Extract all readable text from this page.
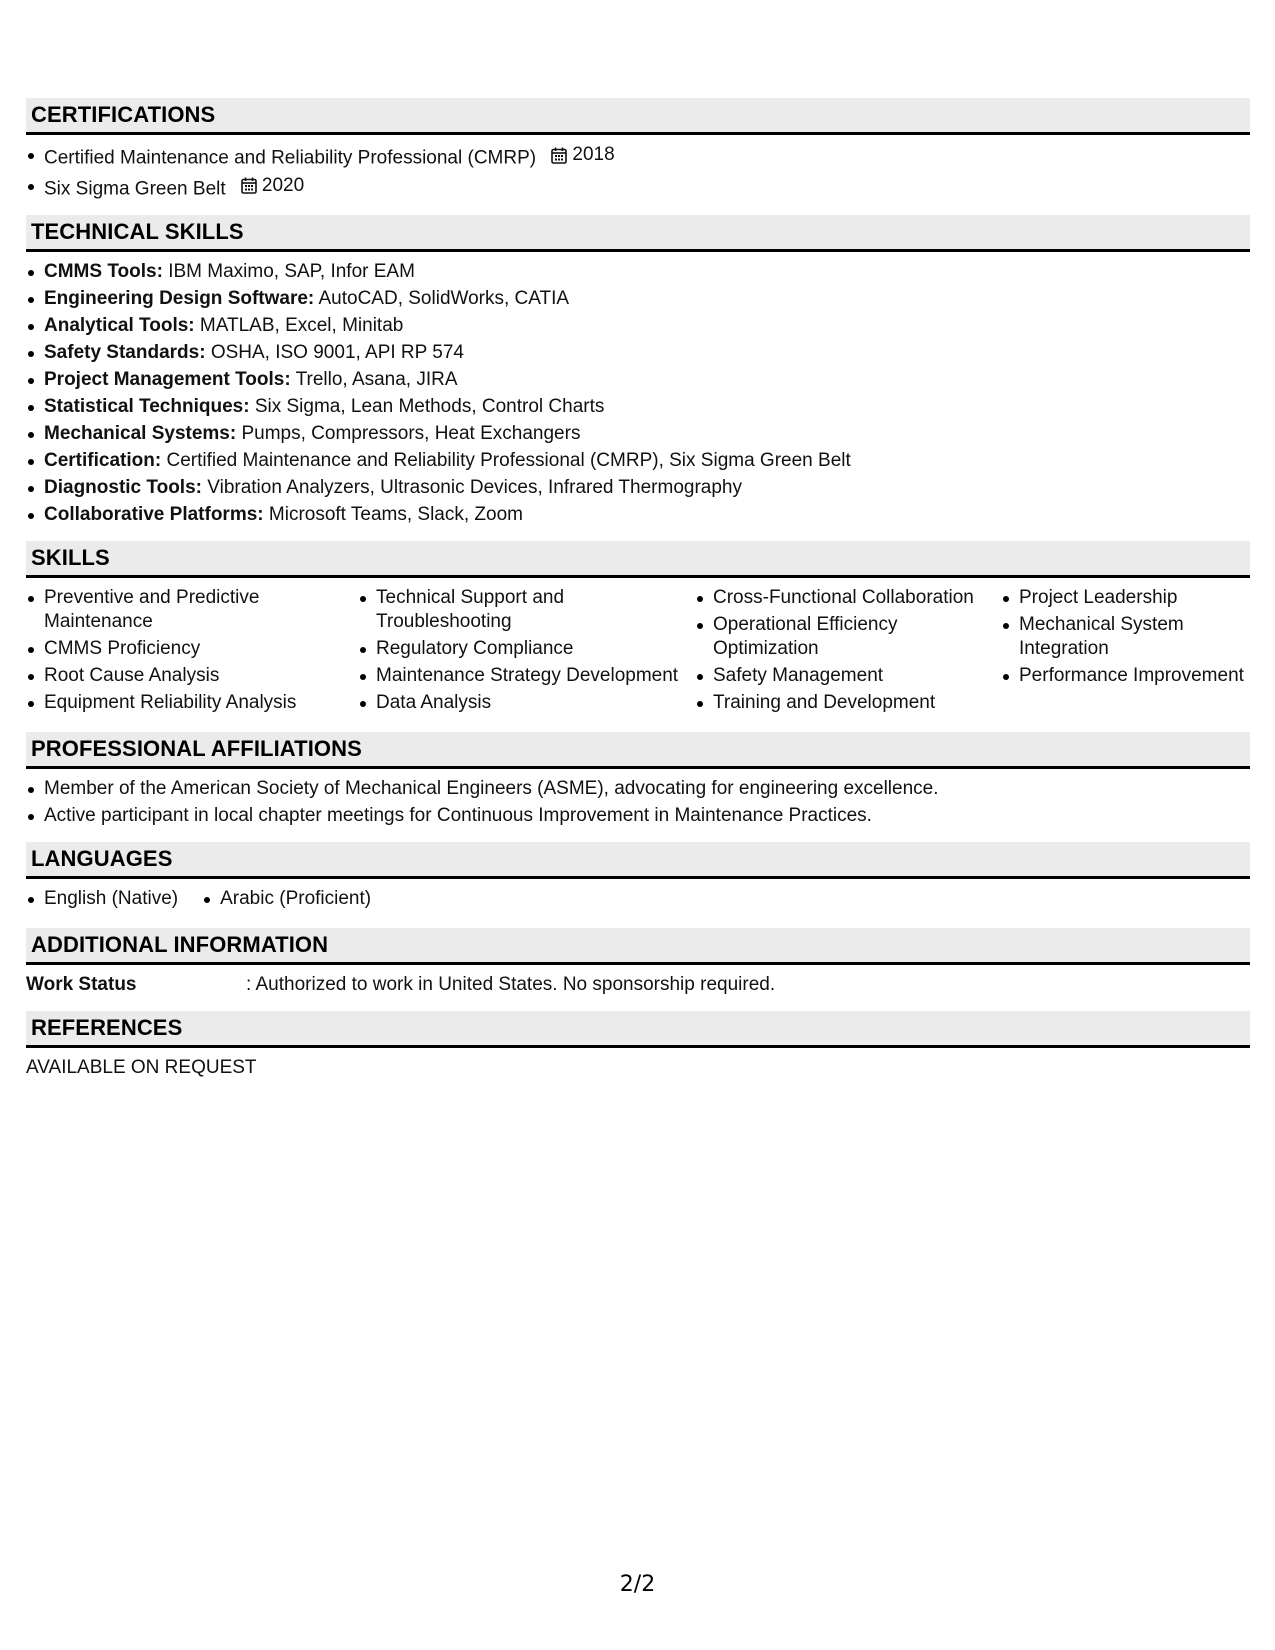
CERTIFICATIONS
Certified Maintenance and Reliability Professional (CMRP) 2018
Six Sigma Green Belt 2020
TECHNICAL SKILLS
CMMS Tools: IBM Maximo, SAP, Infor EAM
Engineering Design Software: AutoCAD, SolidWorks, CATIA
Analytical Tools: MATLAB, Excel, Minitab
Safety Standards: OSHA, ISO 9001, API RP 574
Project Management Tools: Trello, Asana, JIRA
Statistical Techniques: Six Sigma, Lean Methods, Control Charts
Mechanical Systems: Pumps, Compressors, Heat Exchangers
Certification: Certified Maintenance and Reliability Professional (CMRP), Six Sigma Green Belt
Diagnostic Tools: Vibration Analyzers, Ultrasonic Devices, Infrared Thermography
Collaborative Platforms: Microsoft Teams, Slack, Zoom
SKILLS
Preventive and Predictive Maintenance
CMMS Proficiency
Root Cause Analysis
Equipment Reliability Analysis
Technical Support and Troubleshooting
Regulatory Compliance
Maintenance Strategy Development
Data Analysis
Cross-Functional Collaboration
Operational Efficiency Optimization
Safety Management
Training and Development
Project Leadership
Mechanical System Integration
Performance Improvement
PROFESSIONAL AFFILIATIONS
Member of the American Society of Mechanical Engineers (ASME), advocating for engineering excellence.
Active participant in local chapter meetings for Continuous Improvement in Maintenance Practices.
LANGUAGES
English (Native)	Arabic (Proficient)
ADDITIONAL INFORMATION
Work Status	: Authorized to work in United States. No sponsorship required.
REFERENCES
AVAILABLE ON REQUEST
2/2
